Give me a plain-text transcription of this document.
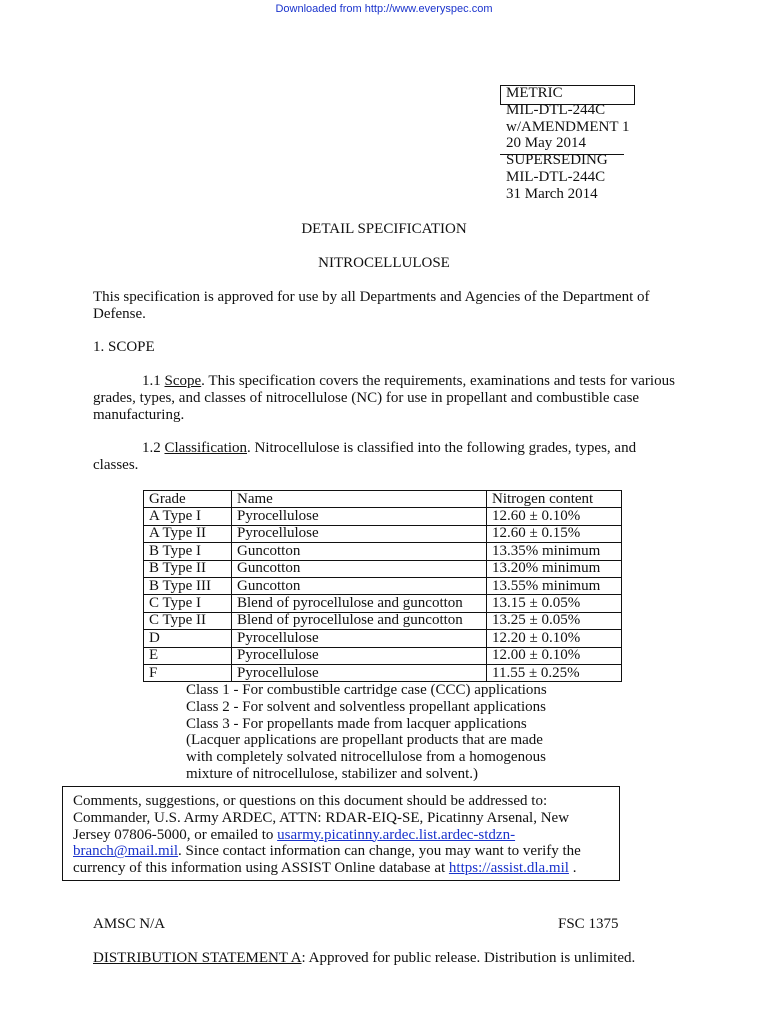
Downloaded from http://www.everyspec.com
METRIC
MIL-DTL-244C
w/AMENDMENT 1
20 May 2014
SUPERSEDING
MIL-DTL-244C
31 March 2014
DETAIL SPECIFICATION
NITROCELLULOSE
This specification is approved for use by all Departments and Agencies of the Department of Defense.
1. SCOPE
1.1 Scope. This specification covers the requirements, examinations and tests for various grades, types, and classes of nitrocellulose (NC) for use in propellant and combustible case manufacturing.
1.2 Classification. Nitrocellulose is classified into the following grades, types, and classes.
Grade	Name	Nitrogen content
A Type I	Pyrocellulose	12.60 ± 0.10%
A Type II	Pyrocellulose	12.60 ± 0.15%
B Type I	Guncotton	13.35% minimum
B Type II	Guncotton	13.20% minimum
B Type III	Guncotton	13.55% minimum
C Type I	Blend of pyrocellulose and guncotton	13.15 ± 0.05%
C Type II	Blend of pyrocellulose and guncotton	13.25 ± 0.05%
D	Pyrocellulose	12.20 ± 0.10%
E	Pyrocellulose	12.00 ± 0.10%
F	Pyrocellulose	11.55 ± 0.25%
Class 1 - For combustible cartridge case (CCC) applications
Class 2 - For solvent and solventless propellant applications
Class 3 - For propellants made from lacquer applications
(Lacquer applications are propellant products that are made
with completely solvated nitrocellulose from a homogenous
mixture of nitrocellulose, stabilizer and solvent.)
Comments, suggestions, or questions on this document should be addressed to:
Commander, U.S. Army ARDEC, ATTN: RDAR-EIQ-SE, Picatinny Arsenal, New
Jersey 07806-5000, or emailed to usarmy.picatinny.ardec.list.ardec-stdzn-
branch@mail.mil. Since contact information can change, you may want to verify the
currency of this information using ASSIST Online database at https://assist.dla.mil .
AMSC N/A	FSC 1375
DISTRIBUTION STATEMENT A: Approved for public release. Distribution is unlimited.
